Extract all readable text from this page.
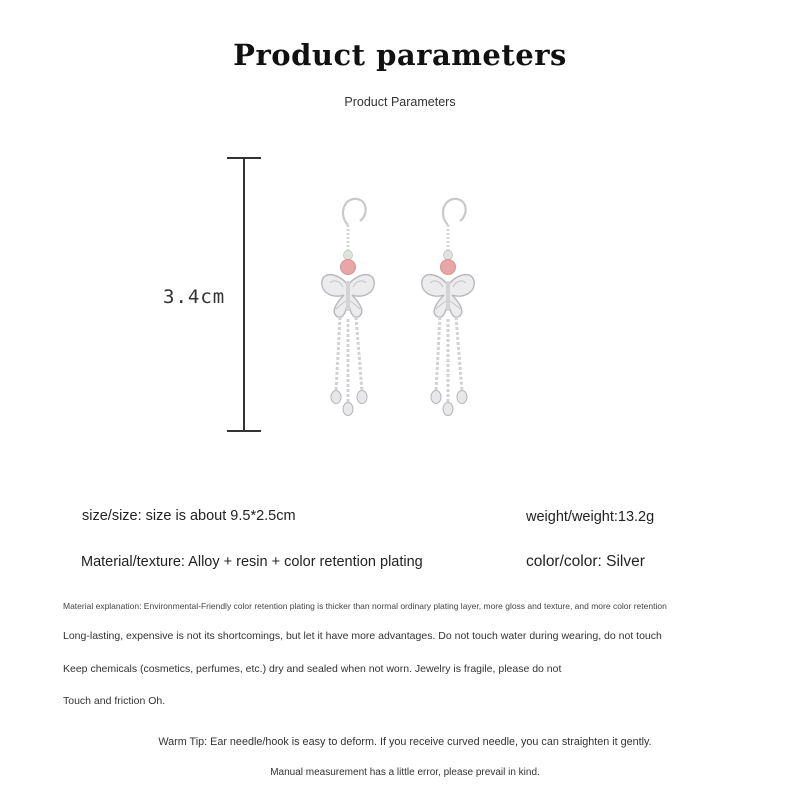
Product parameters
Product Parameters
3.4cm
size/size: size is about 9.5*2.5cm	weight/weight:13.2g
Material/texture: Alloy + resin + color retention plating	color/color: Silver
Material explanation: Environmental-Friendly color retention plating is thicker than normal ordinary plating layer, more gloss and texture, and more color retention
Long-lasting, expensive is not its shortcomings, but let it have more advantages. Do not touch water during wearing, do not touch
Keep chemicals (cosmetics, perfumes, etc.) dry and sealed when not worn. Jewelry is fragile, please do not
Touch and friction Oh.
Warm Tip: Ear needle/hook is easy to deform. If you receive curved needle, you can straighten it gently.
Manual measurement has a little error, please prevail in kind.
